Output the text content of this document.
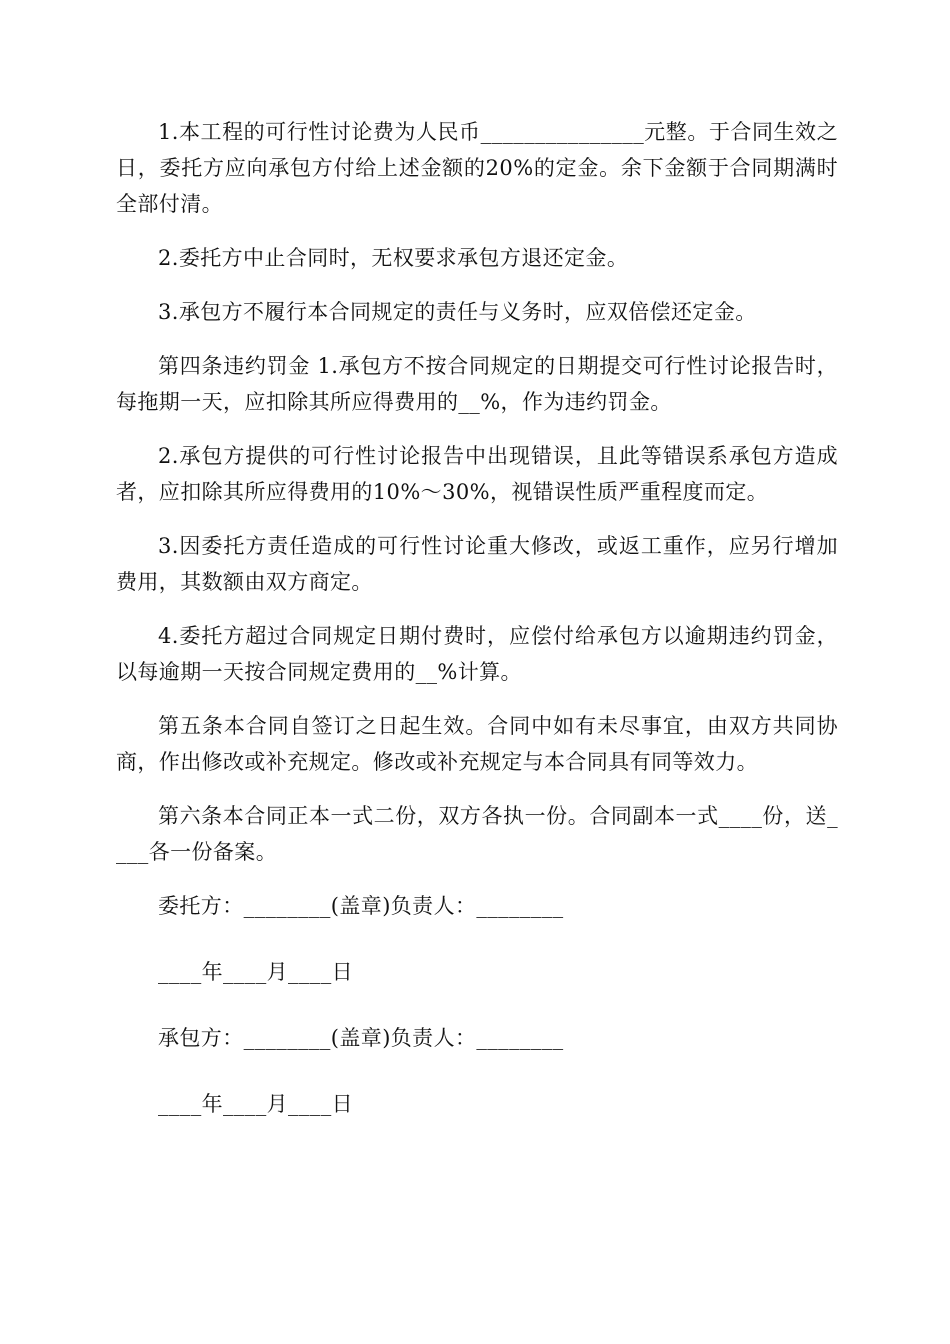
1.本工程的可行性讨论费为人民币_______________元整。于合同生效之日，委托方应向承包方付给上述金额的20%的定金。余下金额于合同期满时全部付清。

2.委托方中止合同时，无权要求承包方退还定金。

3.承包方不履行本合同规定的责任与义务时，应双倍偿还定金。

第四条违约罚金 1.承包方不按合同规定的日期提交可行性讨论报告时，每拖期一天，应扣除其所应得费用的__%，作为违约罚金。

2.承包方提供的可行性讨论报告中出现错误，且此等错误系承包方造成者，应扣除其所应得费用的10%～30%，视错误性质严重程度而定。

3.因委托方责任造成的可行性讨论重大修改，或返工重作，应另行增加费用，其数额由双方商定。

4.委托方超过合同规定日期付费时，应偿付给承包方以逾期违约罚金，以每逾期一天按合同规定费用的__%计算。

第五条本合同自签订之日起生效。合同中如有未尽事宜，由双方共同协商，作出修改或补充规定。修改或补充规定与本合同具有同等效力。

第六条本合同正本一式二份，双方各执一份。合同副本一式____份，送____各一份备案。

委托方：________(盖章)负责人：________

____年____月____日

承包方：________(盖章)负责人：________

____年____月____日
